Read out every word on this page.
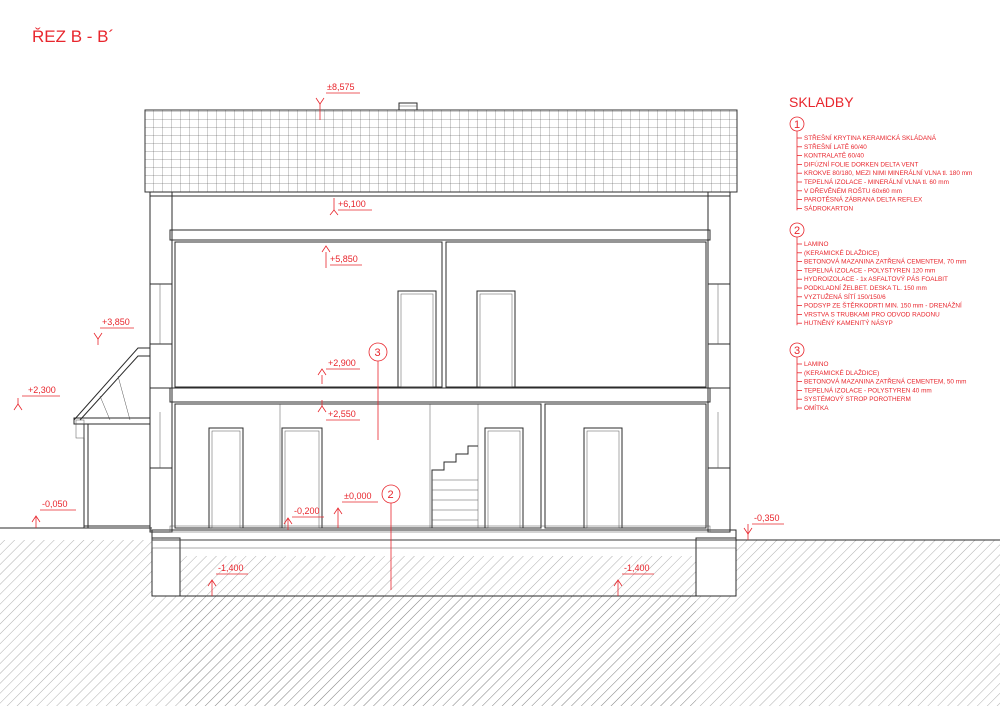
ŘEZ B - B´
±8,575
+6,100
+5,850
+3,850
+2,900
+2,550
+2,300
-0,050
-0,200
±0,000
-0,350
-1,400	-1,400
3
2
SKLADBY
1
STŘEŠNÍ KRYTINA KERAMICKÁ SKLÁDANÁ
STŘEŠNÍ LATĚ 60/40
KONTRALATĚ 60/40
DIFÚZNÍ FOLIE DORKEN DELTA VENT
KROKVE 80/180, MEZI NIMI MINERÁLNÍ VLNA tl. 180 mm
TEPELNÁ IZOLACE - MINERÁLNÍ VLNA tl. 60 mm
V DŘEVĚNÉM ROŠTU 60x60 mm
PAROTĚSNÁ ZÁBRANA DELTA REFLEX
SÁDROKARTON
2
LAMINO
(KERAMICKÉ DLAŽDICE)
BETONOVÁ MAZANINA ZATŘENÁ CEMENTEM, 70 mm
TEPELNÁ IZOLACE - POLYSTYREN 120 mm
HYDROIZOLACE - 1x ASFALTOVÝ PÁS FOALBIT
PODKLADNÍ ŽELBET. DESKA TL. 150 mm
VYZTUŽENÁ SÍTÍ 150/150/6
PODSYP ZE ŠTĚRKODRTI MIN. 150 mm - DRENÁŽNÍ
VRSTVA S TRUBKAMI PRO ODVOD RADONU
HUTNĚNÝ KAMENITÝ NÁSYP
3
LAMINO
(KERAMICKÉ DLAŽDICE)
BETONOVÁ MAZANINA ZATŘENÁ CEMENTEM, 50 mm
TEPELNÁ IZOLACE - POLYSTYREN 40 mm
SYSTÉMOVÝ STROP POROTHERM
OMÍTKA
